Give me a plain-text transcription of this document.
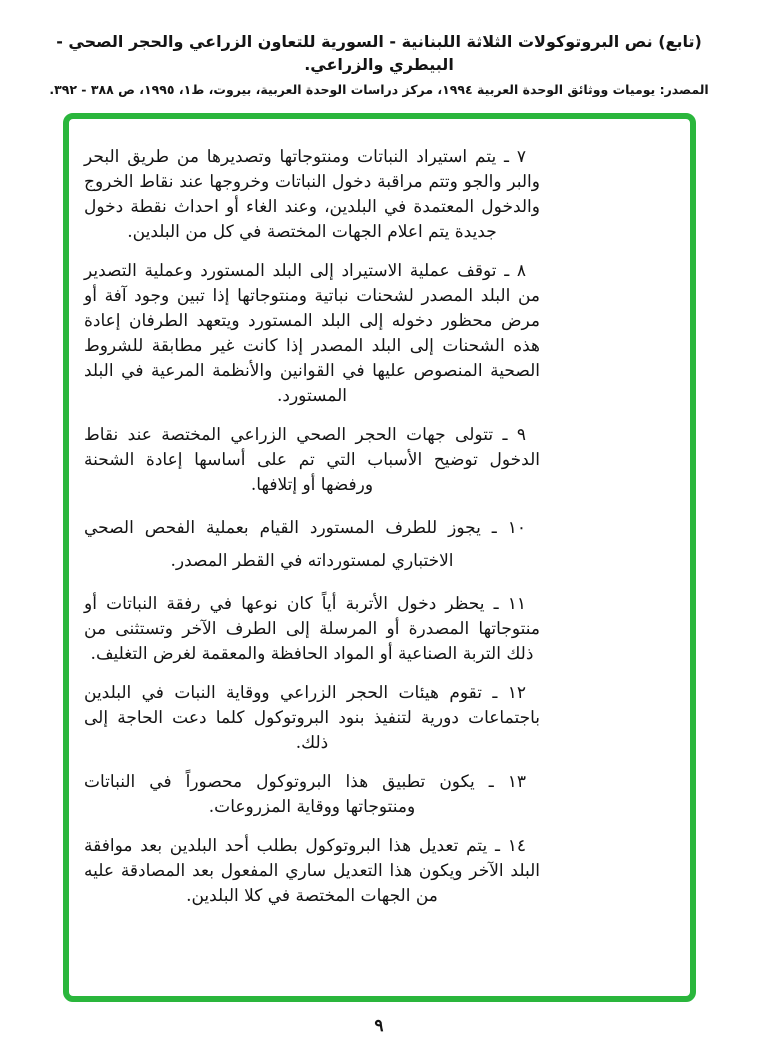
(تابع) نص البروتوكولات الثلاثة اللبنانية - السورية للتعاون الزراعي والحجر الصحي - البيطري والزراعي.
المصدر: يوميات ووثائق الوحدة العربية ١٩٩٤، مركز دراسات الوحدة العربية، بيروت، ط١، ١٩٩٥، ص ٣٨٨ - ٣٩٢.

٧ ـ يتم استيراد النباتات ومنتوجاتها وتصديرها من طريق البحر والبر والجو وتتم مراقبة دخول النباتات وخروجها عند نقاط الخروج والدخول المعتمدة في البلدين، وعند الغاء أو احداث نقطة دخول جديدة يتم اعلام الجهات المختصة في كل من البلدين.

٨ ـ توقف عملية الاستيراد إلى البلد المستورد وعملية التصدير من البلد المصدر لشحنات نباتية ومنتوجاتها إذا تبين وجود آفة أو مرض محظور دخوله إلى البلد المستورد ويتعهد الطرفان إعادة هذه الشحنات إلى البلد المصدر إذا كانت غير مطابقة للشروط الصحية المنصوص عليها في القوانين والأنظمة المرعية في البلد المستورد.

٩ ـ تتولى جهات الحجر الصحي الزراعي المختصة عند نقاط الدخول توضيح الأسباب التي تم على أساسها إعادة الشحنة ورفضها أو إتلافها.

١٠ ـ يجوز للطرف المستورد القيام بعملية الفحص الصحي الاختباري لمستورداته في القطر المصدر.

١١ ـ يحظر دخول الأتربة أياً كان نوعها في رفقة النباتات أو منتوجاتها المصدرة أو المرسلة إلى الطرف الآخر وتستثنى من ذلك التربة الصناعية أو المواد الحافظة والمعقمة لغرض التغليف.

١٢ ـ تقوم هيئات الحجر الزراعي ووقاية النبات في البلدين باجتماعات دورية لتنفيذ بنود البروتوكول كلما دعت الحاجة إلى ذلك.

١٣ ـ يكون تطبيق هذا البروتوكول محصوراً في النباتات ومنتوجاتها ووقاية المزروعات.

١٤ ـ يتم تعديل هذا البروتوكول بطلب أحد البلدين بعد موافقة البلد الآخر ويكون هذا التعديل ساري المفعول بعد المصادقة عليه من الجهات المختصة في كلا البلدين.

٩
